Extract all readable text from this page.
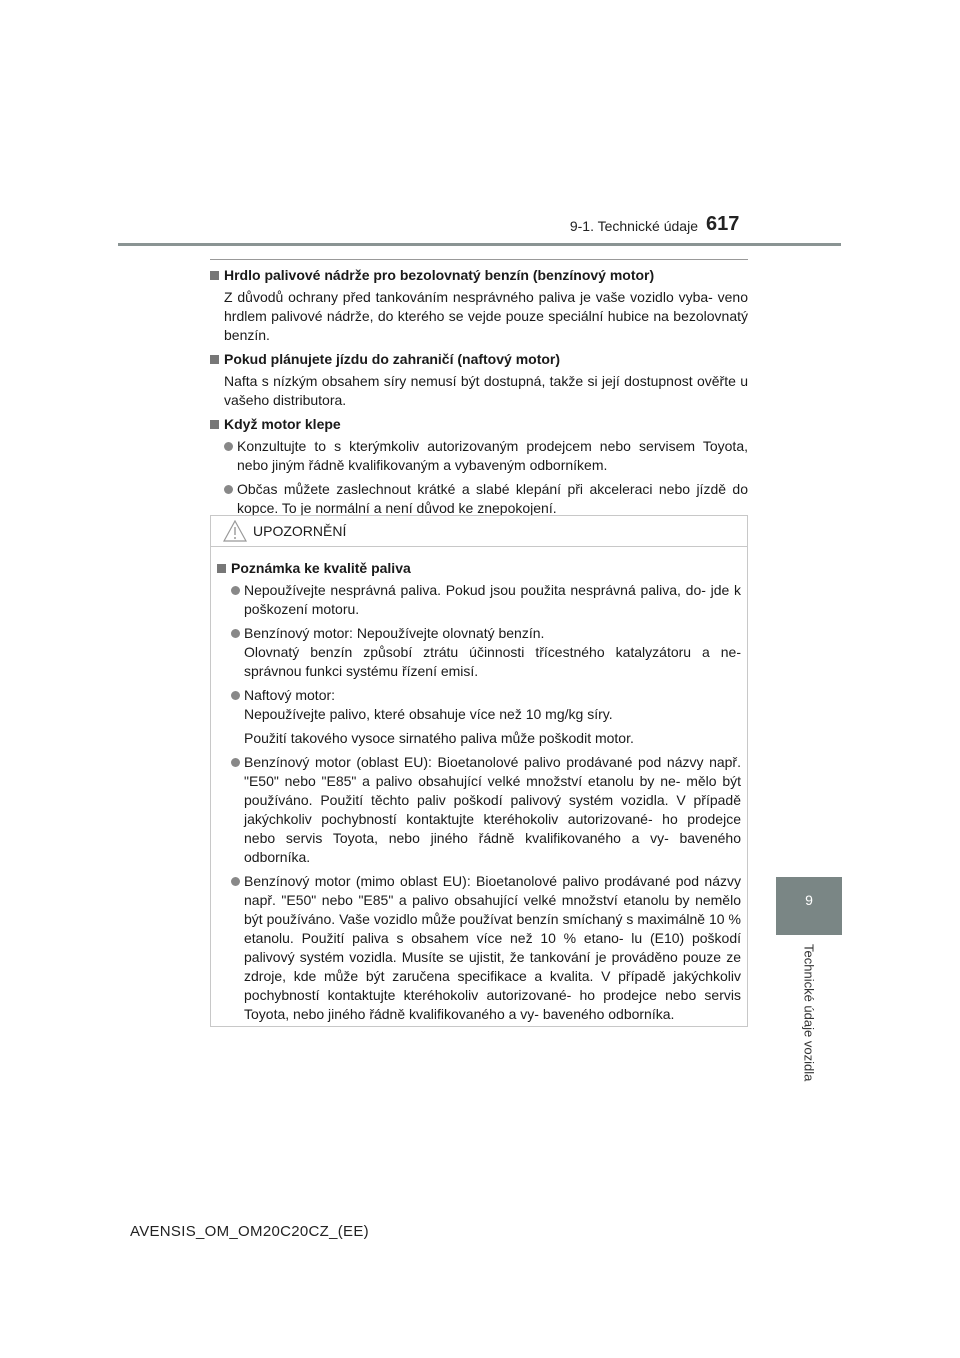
9-1. Technické údaje 617
Hrdlo palivové nádrže pro bezolovnatý benzín (benzínový motor)
Z důvodů ochrany před tankováním nesprávného paliva je vaše vozidlo vyba- veno hrdlem palivové nádrže, do kterého se vejde pouze speciální hubice na bezolovnatý benzín.
Pokud plánujete jízdu do zahraničí (naftový motor)
Nafta s nízkým obsahem síry nemusí být dostupná, takže si její dostupnost ověřte u vašeho distributora.
Když motor klepe
Konzultujte to s kterýmkoliv autorizovaným prodejcem nebo servisem Toyota, nebo jiným řádně kvalifikovaným a vybaveným odborníkem.
Občas můžete zaslechnout krátké a slabé klepání při akceleraci nebo jízdě do kopce. To je normální a není důvod ke znepokojení.
UPOZORNĚNÍ
Poznámka ke kvalitě paliva
Nepoužívejte nesprávná paliva. Pokud jsou použita nesprávná paliva, do- jde k poškození motoru.
Benzínový motor: Nepoužívejte olovnatý benzín.
Olovnatý benzín způsobí ztrátu účinnosti třícestného katalyzátoru a ne- správnou funkci systému řízení emisí.
Naftový motor:
Nepoužívejte palivo, které obsahuje více než 10 mg/kg síry.
Použití takového vysoce sirnatého paliva může poškodit motor.
Benzínový motor (oblast EU): Bioetanolové palivo prodávané pod názvy např. "E50" nebo "E85" a palivo obsahující velké množství etanolu by ne- mělo být používáno. Použití těchto paliv poškodí palivový systém vozidla. V případě jakýchkoliv pochybností kontaktujte kteréhokoliv autorizované- ho prodejce nebo servis Toyota, nebo jiného řádně kvalifikovaného a vy- baveného odborníka.
Benzínový motor (mimo oblast EU): Bioetanolové palivo prodávané pod názvy např. "E50" nebo "E85" a palivo obsahující velké množství etanolu by nemělo být používáno. Vaše vozidlo může používat benzín smíchaný s maximálně 10 % etanolu. Použití paliva s obsahem více než 10 % etano- lu (E10) poškodí palivový systém vozidla. Musíte se ujistit, že tankování je prováděno pouze ze zdroje, kde může být zaručena specifikace a kvalita. V případě jakýchkoliv pochybností kontaktujte kteréhokoliv autorizované- ho prodejce nebo servis Toyota, nebo jiného řádně kvalifikovaného a vy- baveného odborníka.
9
Technické údaje vozidla
AVENSIS_OM_OM20C20CZ_(EE)
